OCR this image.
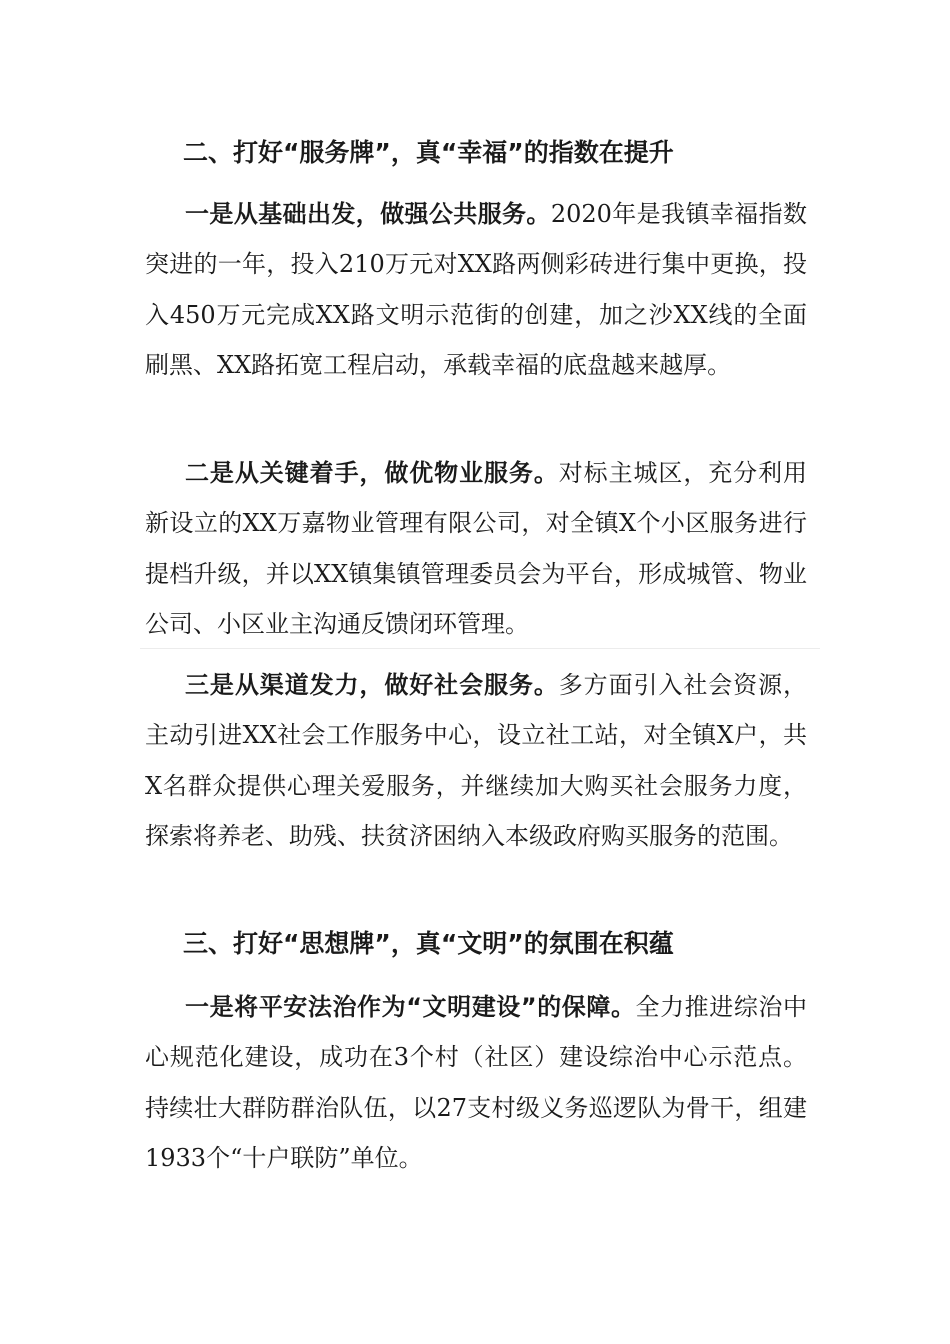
二、打好“服务牌”，真“幸福”的指数在提升

一是从基础出发，做强公共服务。2020年是我镇幸福指数突进的一年，投入210万元对XX路两侧彩砖进行集中更换，投入450万元完成XX路文明示范街的创建，加之沙XX线的全面刷黑、XX路拓宽工程启动，承载幸福的底盘越来越厚。

二是从关键着手，做优物业服务。对标主城区，充分利用新设立的XX万嘉物业管理有限公司，对全镇X个小区服务进行提档升级，并以XX镇集镇管理委员会为平台，形成城管、物业公司、小区业主沟通反馈闭环管理。

三是从渠道发力，做好社会服务。多方面引入社会资源，主动引进XX社会工作服务中心，设立社工站，对全镇X户，共X名群众提供心理关爱服务，并继续加大购买社会服务力度，探索将养老、助残、扶贫济困纳入本级政府购买服务的范围。

三、打好“思想牌”，真“文明”的氛围在积蕴

一是将平安法治作为“文明建设”的保障。全力推进综治中心规范化建设，成功在3个村（社区）建设综治中心示范点。持续壮大群防群治队伍，以27支村级义务巡逻队为骨干，组建1933个“十户联防”单位。
